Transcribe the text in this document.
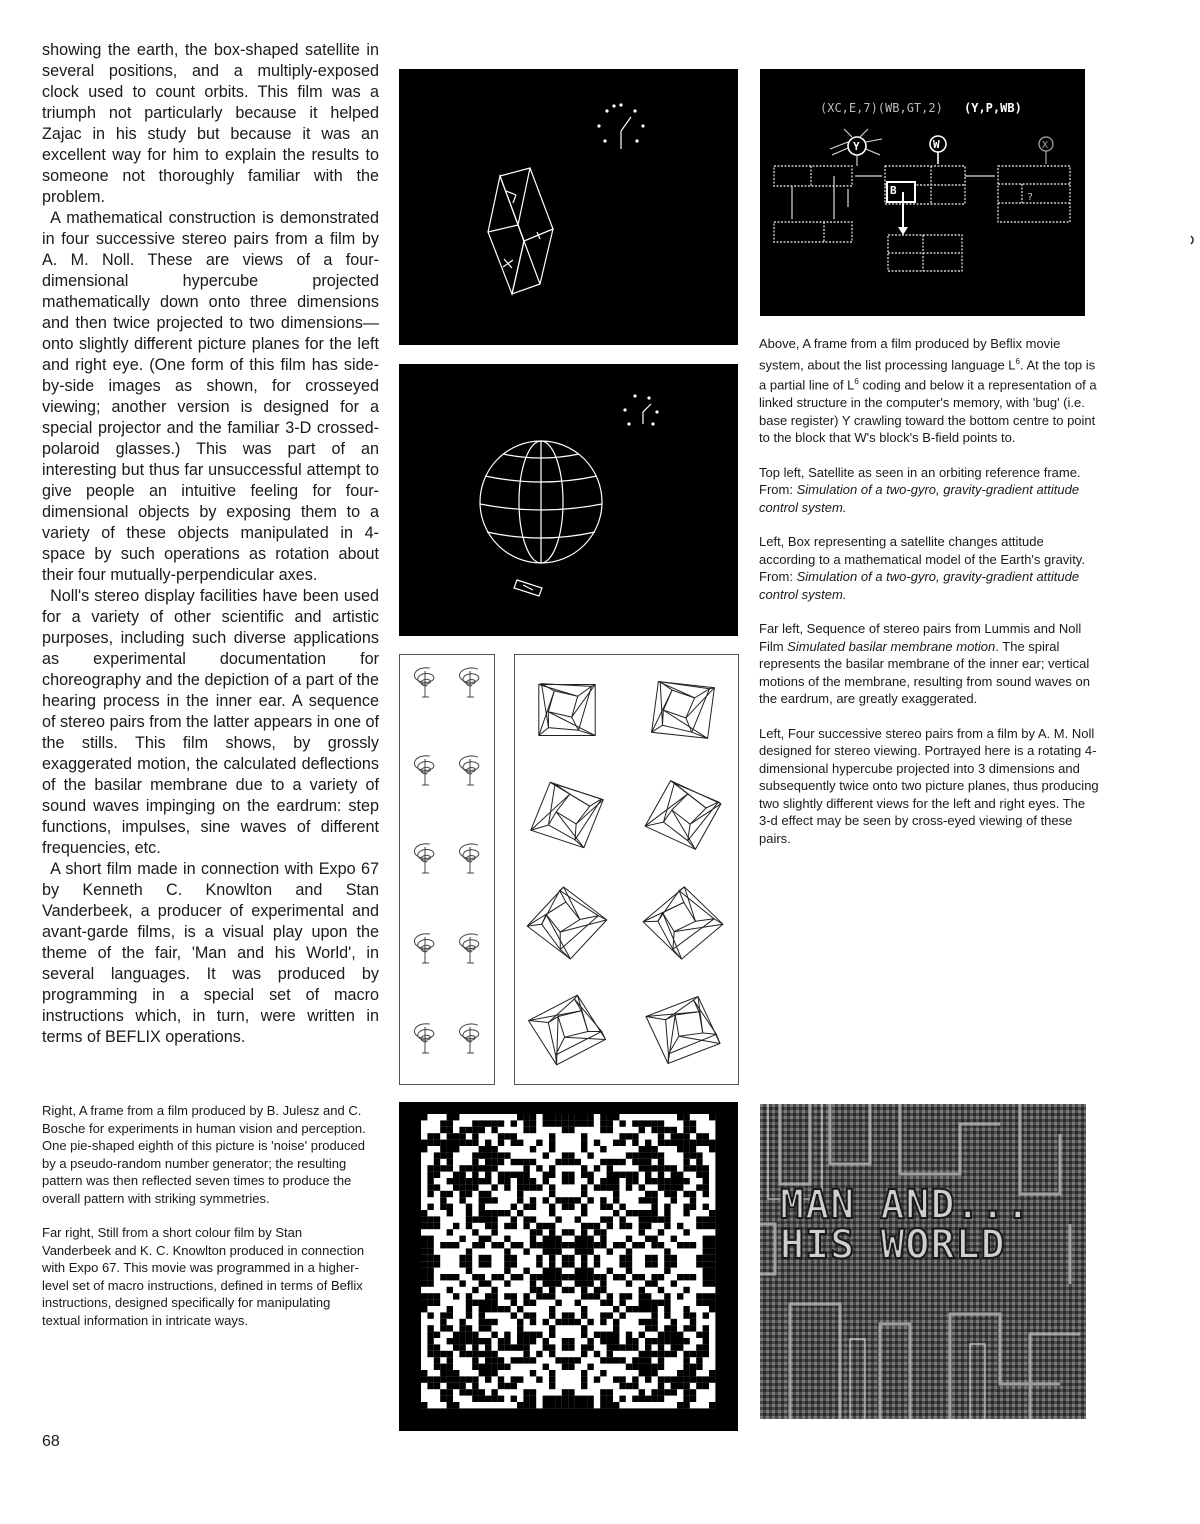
showing the earth, the box-shaped satellite in several positions, and a multiply-exposed clock used to count orbits. This film was a triumph not particularly because it helped Zajac in his study but because it was an excellent way for him to explain the results to someone not thoroughly familiar with the problem.

A mathematical construction is demonstrated in four successive stereo pairs from a film by A. M. Noll. These are views of a four-dimensional hypercube projected mathematically down onto three dimensions and then twice projected to two dimensions—onto slightly different picture planes for the left and right eye. (One form of this film has side-by-side images as shown, for crosseyed viewing; another version is designed for a special projector and the familiar 3-D crossed-polaroid glasses.) This was part of an interesting but thus far unsuccessful attempt to give people an intuitive feeling for four-dimensional objects by exposing them to a variety of these objects manipulated in 4-space by such operations as rotation about their four mutually-perpendicular axes.

Noll's stereo display facilities have been used for a variety of other scientific and artistic purposes, including such diverse applications as experimental documentation for choreography and the depiction of a part of the hearing process in the inner ear. A sequence of stereo pairs from the latter appears in one of the stills. This film shows, by grossly exaggerated motion, the calculated deflections of the basilar membrane due to a variety of sound waves impinging on the eardrum: step functions, impulses, sine waves of different frequencies, etc.

A short film made in connection with Expo 67 by Kenneth C. Knowlton and Stan Vanderbeek, a producer of experimental and avant-garde films, is a visual play upon the theme of the fair, 'Man and his World', in several languages. It was produced by programming in a special set of macro instructions which, in turn, were written in terms of BEFLIX operations.

(XC,E,7)(WB,GT,2) (Y,P,WB)
B
?
Y	W	X

Above, A frame from a film produced by Beflix movie system, about the list processing language $L^6$. At the top is a partial line of $L^6$ coding and below it a representation of a linked structure in the computer's memory, with 'bug' (i.e. base register) Y crawling toward the bottom centre to point to the block that W's block's B-field points to.

Top left, Satellite as seen in an orbiting reference frame. From: Simulation of a two-gyro, gravity-gradient attitude control system.

Left, Box representing a satellite changes attitude according to a mathematical model of the Earth's gravity. From: Simulation of a two-gyro, gravity-gradient attitude control system.

Far left, Sequence of stereo pairs from Lummis and Noll Film Simulated basilar membrane motion. The spiral represents the basilar membrane of the inner ear; vertical motions of the membrane, resulting from sound waves on the eardrum, are greatly exaggerated.

Left, Four successive stereo pairs from a film by A. M. Noll designed for stereo viewing. Portrayed here is a rotating 4-dimensional hypercube projected into 3 dimensions and subsequently twice onto two picture planes, thus producing two slightly different views for the left and right eyes. The 3-d effect may be seen by cross-eyed viewing of these pairs.

Right, A frame from a film produced by B. Julesz and C. Bosche for experiments in human vision and perception. One pie-shaped eighth of this picture is 'noise' produced by a pseudo-random number generator; the resulting pattern was then reflected seven times to produce the overall pattern with striking symmetries.

Far right, Still from a short colour film by Stan Vanderbeek and K. C. Knowlton produced in connection with Expo 67. This movie was programmed in a higher-level set of macro instructions, defined in terms of Beflix instructions, designed specifically for manipulating textual information in intricate ways.

MAN AND...
HIS WORLD
68
